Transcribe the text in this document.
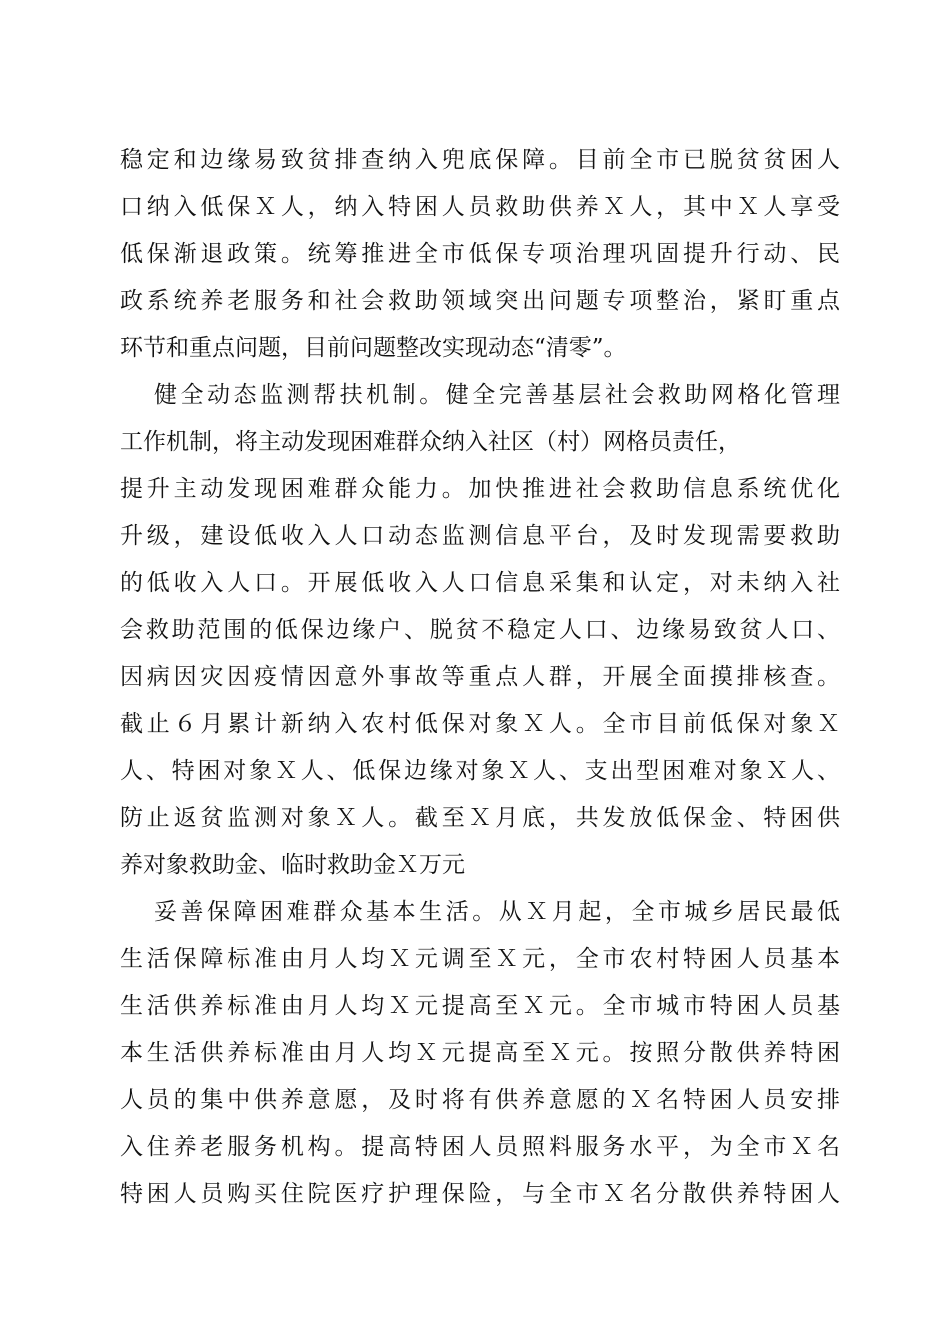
稳定和边缘易致贫排查纳入兜底保障。目前全市已脱贫贫困人
口纳入低保Ｘ人，纳入特困人员救助供养Ｘ人，其中Ｘ人享受
低保渐退政策。统筹推进全市低保专项治理巩固提升行动、民
政系统养老服务和社会救助领域突出问题专项整治，紧盯重点
环节和重点问题，目前问题整改实现动态“清零”。
健全动态监测帮扶机制。健全完善基层社会救助网格化管理
工作机制，将主动发现困难群众纳入社区（村）网格员责任，
提升主动发现困难群众能力。加快推进社会救助信息系统优化
升级，建设低收入人口动态监测信息平台，及时发现需要救助
的低收入人口。开展低收入人口信息采集和认定，对未纳入社
会救助范围的低保边缘户、脱贫不稳定人口、边缘易致贫人口、
因病因灾因疫情因意外事故等重点人群，开展全面摸排核查。
截止６月累计新纳入农村低保对象Ｘ人。全市目前低保对象Ｘ
人、特困对象Ｘ人、低保边缘对象Ｘ人、支出型困难对象Ｘ人、
防止返贫监测对象Ｘ人。截至Ｘ月底，共发放低保金、特困供
养对象救助金、临时救助金Ｘ万元
妥善保障困难群众基本生活。从Ｘ月起，全市城乡居民最低
生活保障标准由月人均Ｘ元调至Ｘ元，全市农村特困人员基本
生活供养标准由月人均Ｘ元提高至Ｘ元。全市城市特困人员基
本生活供养标准由月人均Ｘ元提高至Ｘ元。按照分散供养特困
人员的集中供养意愿，及时将有供养意愿的Ｘ名特困人员安排
入住养老服务机构。提高特困人员照料服务水平，为全市Ｘ名
特困人员购买住院医疗护理保险，与全市Ｘ名分散供养特困人
